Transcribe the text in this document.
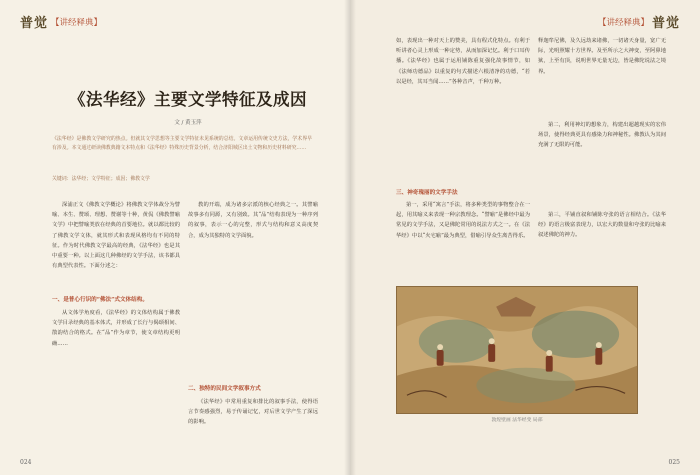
普觉 【讲经释典】
《法华经》主要文学特征及成因
文 / 黄玉萍
《法华经》是佛教文学研究的热点。但就其文学思想等主要文学特征未见系统的总结。文章运用传统文史方法，学术界早有涉及。本文通过研读佛教典籍文本特点和《法华经》特殊历史背景分析，结合济阳城区出土文物和历史材料研究……
关键词：法华经；文学特征；成因；佛教文学
深浦正文《佛教文学概论》将佛教文学体裁分为譬喻、本生、赞颂、理想、赞谢等十种，黄侃《佛教譬喻文学》中把譬喻类放在经典的首要地位。就以都比较的了佛教文学文体，就其形式和表现风格均有不同的特征。作为时代佛教文学最高的经典，《法华经》也是其中重要一种。以上面这几种佛经的文学手法，该书都具有典型代表性。下面分述之：
一、是普心行识的“佛法”式文体结构。
从文体学角度看，《法华经》的文体结构属于佛教文学目录经典的基本体式，并形成了长行与偈颂相间、散韵结合的格式。在“品”作为章节，使文章结构更明确……
教的开端，成为诸多宗派的核心经典之一。其譬喻故事多有同源，又有别致。其“品”结构表现为一种序列的叙事，表示一心的完整，形式与结构和意义高度契合，成为其独特的文学面貌。
二、独特的民间文学叙事方式
《法华经》中常用重复和排比的叙事手法，使得语言节奏感强烈，易于传诵记忆，对后世文学产生了深远的影响。
024
【讲经释典】 普觉
如，表现出一种对天上的赞美，具有程式化特点。有利于听讲者心灵上形成一种定势，从而加深记忆。利于口耳传播。《法华经》也属于运用铺陈重复强化故事情节，如《法师功德品》以重复的句式描述六根清净的功德，“若以是经，其耳当闻……”各种音声，千种万种。
三、神奇瑰丽的文学手法
第一，采用“寓言”手法，将多种类型的事物整合在一起，用其喻义来表现一种宗教理念。“譬喻”是佛经中最为常见的文学手法，又是佛陀常用的说法方式之一。在《法华经》中以“火宅喻”最为典型，借喻引导众生离苦得乐。
释迦牟尼佛，及久远劫来诸佛，一切诸天身量，宽广无际，光明照耀十方世界。及至所示之大神变，至阿鼻地狱，上至有顶，说明世界无量无边，皆是佛陀说法之境界。
第二，利用神幻的想象力，构建出超越现实的宏伟场景，使得经典更具有感染力和神秘性。佛教认为其间充满了无限的可能。
第三，平铺直叙和铺陈夸张的语言相结合。《法华经》的语言极富表现力，以宏大的数量和夸张的比喻来叙述佛陀的神力。
敦煌壁画 法华经变 局部
025
